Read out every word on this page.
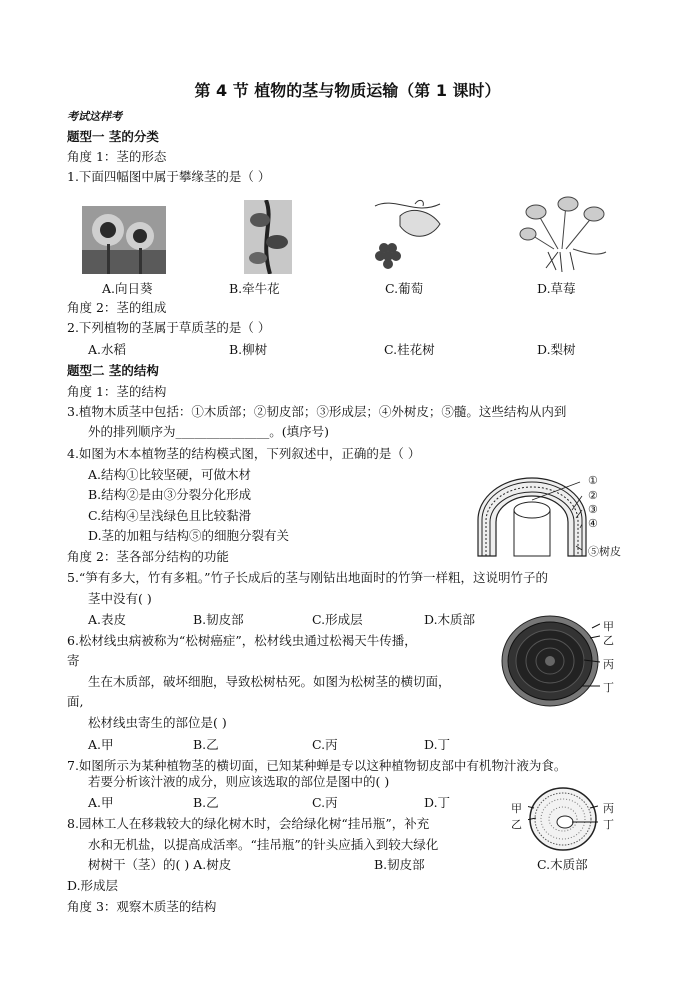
第 4 节 植物的茎与物质运输（第 1 课时）
考试这样考
题型一 茎的分类
角度 1：茎的形态
1.下面四幅图中属于攀缘茎的是（ ）
A.向日葵	B.牵牛花	C.葡萄	D.草莓
角度 2：茎的组成
2.下列植物的茎属于草质茎的是（ ）
A.水稻	B.柳树	C.桂花树	D.梨树
题型二 茎的结构
角度 1：茎的结构
3.植物木质茎中包括：①木质部；②韧皮部；③形成层；④外树皮；⑤髓。这些结构从内到
外的排列顺序为_______________。(填序号)
4.如图为木本植物茎的结构模式图，下列叙述中，正确的是（ ）
A.结构①比较坚硬，可做木材
B.结构②是由③分裂分化形成
C.结构④呈浅绿色且比较黏滑
D.茎的加粗与结构⑤的细胞分裂有关
①
②
③
④
⑤树皮
角度 2：茎各部分结构的功能
5.“笋有多大，竹有多粗。”竹子长成后的茎与刚钻出地面时的竹笋一样粗，这说明竹子的
茎中没有( )
A.表皮	B.韧皮部	C.形成层	D.木质部
6.松材线虫病被称为“松树癌症”，松材线虫通过松褐天牛传播，
寄
生在木质部，破坏细胞，导致松树枯死。如图为松树茎的横切面，
面,
松材线虫寄生的部位是( )
A.甲	B.乙	C.丙	D.丁
甲
乙
丙
丁
7.如图所示为某种植物茎的横切面，已知某种蝉是专以这种植物韧皮部中有机物汁液为食。
若要分析该汁液的成分，则应该选取的部位是图中的( )
A.甲	B.乙	C.丙	D.丁
8.园林工人在移栽较大的绿化树木时，会给绿化树“挂吊瓶”，补充
水和无机盐，以提高成活率。“挂吊瓶”的针头应插入到较大绿化
树树干（茎）的( ) A.树皮	B.韧皮部	C.木质部
D.形成层
甲
乙
丙
丁
角度 3：观察木质茎的结构
